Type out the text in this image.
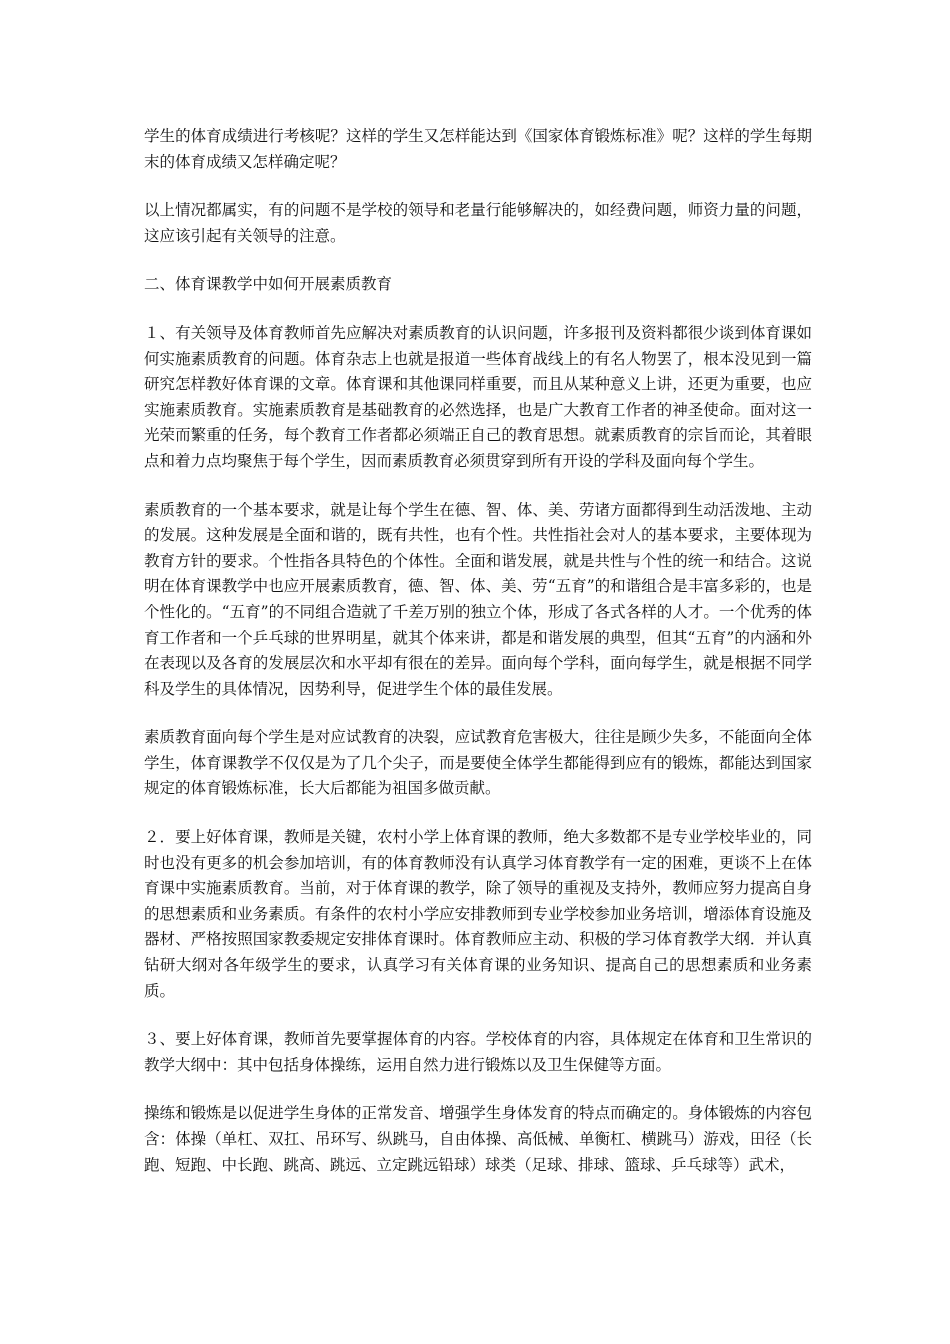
学生的体育成绩进行考核呢？这样的学生又怎样能达到《国家体育锻炼标准》呢？这样的学生每期末的体育成绩又怎样确定呢？

以上情况都属实，有的问题不是学校的领导和老量行能够解决的，如经费问题，师资力量的问题，这应该引起有关领导的注意。

二、体育课教学中如何开展素质教育

１、有关领导及体育教师首先应解决对素质教育的认识问题，许多报刊及资料都很少谈到体育课如何实施素质教育的问题。体育杂志上也就是报道一些体育战线上的有名人物罢了，根本没见到一篇研究怎样教好体育课的文章。体育课和其他课同样重要，而且从某种意义上讲，还更为重要，也应实施素质教育。实施素质教育是基础教育的必然选择，也是广大教育工作者的神圣使命。面对这一光荣而繁重的任务，每个教育工作者都必须端正自己的教育思想。就素质教育的宗旨而论，其着眼点和着力点均聚焦于每个学生，因而素质教育必须贯穿到所有开设的学科及面向每个学生。

素质教育的一个基本要求，就是让每个学生在德、智、体、美、劳诸方面都得到生动活泼地、主动的发展。这种发展是全面和谐的，既有共性，也有个性。共性指社会对人的基本要求，主要体现为教育方针的要求。个性指各具特色的个体性。全面和谐发展，就是共性与个性的统一和结合。这说明在体育课教学中也应开展素质教育，德、智、体、美、劳“五育”的和谐组合是丰富多彩的，也是个性化的。“五育”的不同组合造就了千差万别的独立个体，形成了各式各样的人才。一个优秀的体育工作者和一个乒乓球的世界明星，就其个体来讲，都是和谐发展的典型，但其“五育”的内涵和外在表现以及各育的发展层次和水平却有很在的差异。面向每个学科，面向每学生，就是根据不同学科及学生的具体情况，因势利导，促进学生个体的最佳发展。

素质教育面向每个学生是对应试教育的决裂，应试教育危害极大，往往是顾少失多，不能面向全体学生，体育课教学不仅仅是为了几个尖子，而是要使全体学生都能得到应有的锻炼，都能达到国家规定的体育锻炼标准，长大后都能为祖国多做贡献。

２．要上好体育课，教师是关键，农村小学上体育课的教师，绝大多数都不是专业学校毕业的，同时也没有更多的机会参加培训，有的体育教师没有认真学习体育教学有一定的困难，更谈不上在体育课中实施素质教育。当前，对于体育课的教学，除了领导的重视及支持外，教师应努力提高自身的思想素质和业务素质。有条件的农村小学应安排教师到专业学校参加业务培训，增添体育设施及器材、严格按照国家教委规定安排体育课时。体育教师应主动、积极的学习体育教学大纲．并认真钻研大纲对各年级学生的要求，认真学习有关体育课的业务知识、提高自己的思想素质和业务素质。

３、要上好体育课，教师首先要掌握体育的内容。学校体育的内容，具体规定在体育和卫生常识的教学大纲中：其中包括身体操练，运用自然力进行锻炼以及卫生保健等方面。

操练和锻炼是以促进学生身体的正常发音、增强学生身体发育的特点而确定的。身体锻炼的内容包含：体操（单杠、双扛、吊环写、纵跳马，自由体操、高低械、单衡杠、横跳马）游戏，田径（长跑、短跑、中长跑、跳高、跳远、立定跳远铅球）球类（足球、排球、篮球、乒乓球等）武术，
